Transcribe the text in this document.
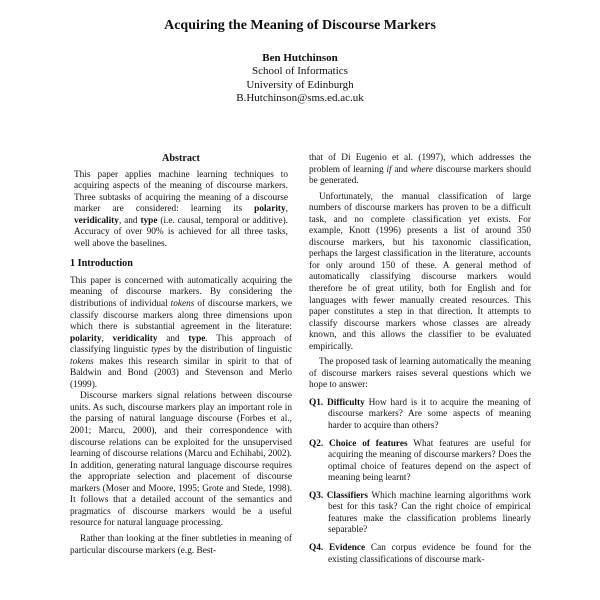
Acquiring the Meaning of Discourse Markers
Ben Hutchinson
School of Informatics
University of Edinburgh
B.Hutchinson@sms.ed.ac.uk
Abstract

This paper applies machine learning techniques to acquiring aspects of the meaning of discourse markers. Three subtasks of acquiring the meaning of a discourse marker are considered: learning its polarity, veridicality, and type (i.e. causal, temporal or additive). Accuracy of over 90% is achieved for all three tasks, well above the baselines.

1 Introduction

This paper is concerned with automatically acquiring the meaning of discourse markers. By considering the distributions of individual tokens of discourse markers, we classify discourse markers along three dimensions upon which there is substantial agreement in the literature: polarity, veridicality and type. This approach of classifying linguistic types by the distribution of linguistic tokens makes this research similar in spirit to that of Baldwin and Bond (2003) and Stevenson and Merlo (1999).

Discourse markers signal relations between discourse units. As such, discourse markers play an important role in the parsing of natural language discourse (Forbes et al., 2001; Marcu, 2000), and their correspondence with discourse relations can be exploited for the unsupervised learning of discourse relations (Marcu and Echihabi, 2002). In addition, generating natural language discourse requires the appropriate selection and placement of discourse markers (Moser and Moore, 1995; Grote and Stede, 1998). It follows that a detailed account of the semantics and pragmatics of discourse markers would be a useful resource for natural language processing.

Rather than looking at the finer subtleties in meaning of particular discourse markers (e.g. Best-

that of Di Eugenio et al. (1997), which addresses the problem of learning if and where discourse markers should be generated.

Unfortunately, the manual classification of large numbers of discourse markers has proven to be a difficult task, and no complete classification yet exists. For example, Knott (1996) presents a list of around 350 discourse markers, but his taxonomic classification, perhaps the largest classification in the literature, accounts for only around 150 of these. A general method of automatically classifying discourse markers would therefore be of great utility, both for English and for languages with fewer manually created resources. This paper constitutes a step in that direction. It attempts to classify discourse markers whose classes are already known, and this allows the classifier to be evaluated empirically.

The proposed task of learning automatically the meaning of discourse markers raises several questions which we hope to answer:

Q1. Difficulty How hard is it to acquire the meaning of discourse markers? Are some aspects of meaning harder to acquire than others?
Q2. Choice of features What features are useful for acquiring the meaning of discourse markers? Does the optimal choice of features depend on the aspect of meaning being learnt?
Q3. Classifiers Which machine learning algorithms work best for this task? Can the right choice of empirical features make the classification problems linearly separable?
Q4. Evidence Can corpus evidence be found for the existing classifications of discourse mark-
